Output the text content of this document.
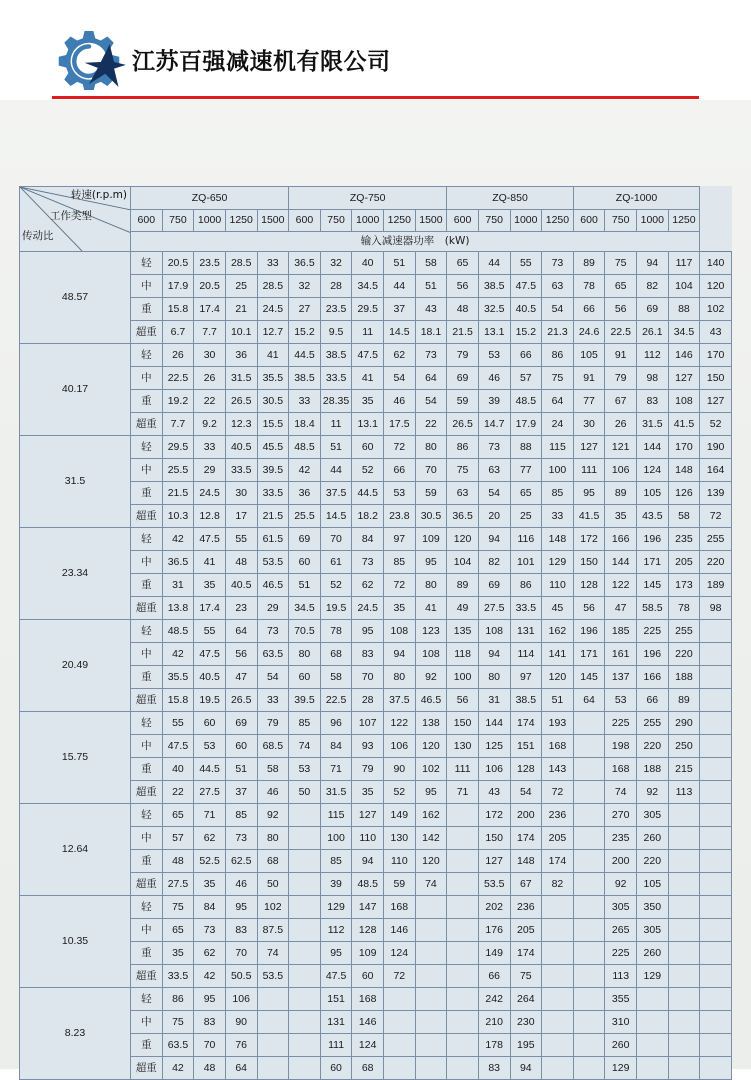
江苏百强减速机有限公司
转速(r.p.m)
工作类型
传动比	ZQ-650					ZQ-750					ZQ-850				ZQ-1000				
	600	750	1000	1250	1500	600	750	1000	1250	1500	600	750	1000	1250	600	750	1000	1250	
	输入减速器功率　(kW)																		
48.57	轻	20.5	23.5	28.5	33	36.5	32	40	51	58	65	44	55	73	89	75	94	117	140
	中	17.9	20.5	25	28.5	32	28	34.5	44	51	56	38.5	47.5	63	78	65	82	104	120
	重	15.8	17.4	21	24.5	27	23.5	29.5	37	43	48	32.5	40.5	54	66	56	69	88	102
	超重	6.7	7.7	10.1	12.7	15.2	9.5	11	14.5	18.1	21.5	13.1	15.2	21.3	24.6	22.5	26.1	34.5	43
40.17	轻	26	30	36	41	44.5	38.5	47.5	62	73	79	53	66	86	105	91	112	146	170
	中	22.5	26	31.5	35.5	38.5	33.5	41	54	64	69	46	57	75	91	79	98	127	150
	重	19.2	22	26.5	30.5	33	28.35	35	46	54	59	39	48.5	64	77	67	83	108	127
	超重	7.7	9.2	12.3	15.5	18.4	11	13.1	17.5	22	26.5	14.7	17.9	24	30	26	31.5	41.5	52
31.5	轻	29.5	33	40.5	45.5	48.5	51	60	72	80	86	73	88	115	127	121	144	170	190
	中	25.5	29	33.5	39.5	42	44	52	66	70	75	63	77	100	111	106	124	148	164
	重	21.5	24.5	30	33.5	36	37.5	44.5	53	59	63	54	65	85	95	89	105	126	139
	超重	10.3	12.8	17	21.5	25.5	14.5	18.2	23.8	30.5	36.5	20	25	33	41.5	35	43.5	58	72
23.34	轻	42	47.5	55	61.5	69	70	84	97	109	120	94	116	148	172	166	196	235	255
	中	36.5	41	48	53.5	60	61	73	85	95	104	82	101	129	150	144	171	205	220
	重	31	35	40.5	46.5	51	52	62	72	80	89	69	86	110	128	122	145	173	189
	超重	13.8	17.4	23	29	34.5	19.5	24.5	35	41	49	27.5	33.5	45	56	47	58.5	78	98
20.49	轻	48.5	55	64	73	70.5	78	95	108	123	135	108	131	162	196	185	225	255	
	中	42	47.5	56	63.5	80	68	83	94	108	118	94	114	141	171	161	196	220	
	重	35.5	40.5	47	54	60	58	70	80	92	100	80	97	120	145	137	166	188	
	超重	15.8	19.5	26.5	33	39.5	22.5	28	37.5	46.5	56	31	38.5	51	64	53	66	89	
15.75	轻	55	60	69	79	85	96	107	122	138	150	144	174	193		225	255	290	
	中	47.5	53	60	68.5	74	84	93	106	120	130	125	151	168		198	220	250	
	重	40	44.5	51	58	53	71	79	90	102	111	106	128	143		168	188	215	
	超重	22	27.5	37	46	50	31.5	35	52	95	71	43	54	72		74	92	113	
12.64	轻	65	71	85	92		115	127	149	162		172	200	236		270	305		
	中	57	62	73	80		100	110	130	142		150	174	205		235	260		
	重	48	52.5	62.5	68		85	94	110	120		127	148	174		200	220		
	超重	27.5	35	46	50		39	48.5	59	74		53.5	67	82		92	105		
10.35	轻	75	84	95	102		129	147	168			202	236			305	350		
	中	65	73	83	87.5		112	128	146			176	205			265	305		
	重	35	62	70	74		95	109	124			149	174			225	260		
	超重	33.5	42	50.5	53.5		47.5	60	72			66	75			113	129		
8.23	轻	86	95	106			151	168				242	264			355			
	中	75	83	90			131	146				210	230			310			
	重	63.5	70	76			111	124				178	195			260			
	超重	42	48	64			60	68				83	94			129			
